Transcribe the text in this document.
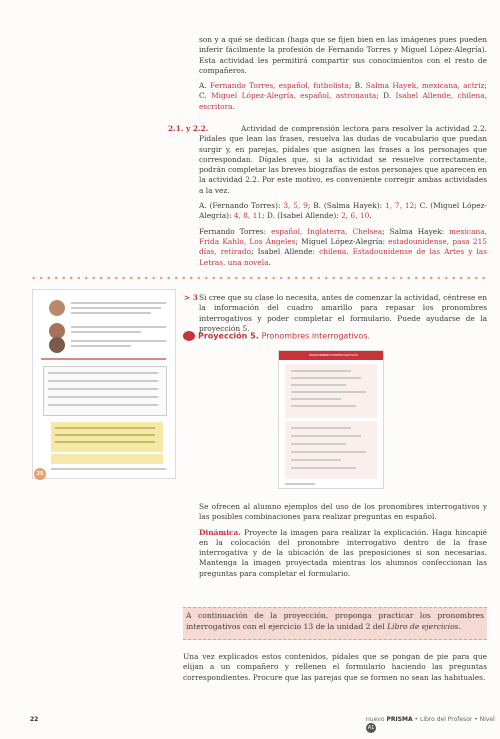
son y a qué se dedican (haga que se fijen bien en las imágenes pues pueden inferir fácilmente la profesión de Fernando Torres y Miguel López-Alegría). Esta actividad les permitirá compartir sus conocimientos con el resto de compañeros.
A. Fernando Torres, español, futbolista; B. Salma Hayek, mexicana, actriz; C. Miguel López-Alegría, español, astronauta; D. Isabel Allende, chilena, escritora.
2.1. y 2.2.	Actividad de comprensión lectora para resolver la actividad 2.2. Pidales que lean las frases, resuelva las dudas de vocabulario que puedan surgir y, en parejas, pídales que asignen las frases a los personajes que correspondan. Dígales que, si la actividad se resuelve correctamente, podrán completar las breves biografías de estos personajes que aparecen en la actividad 2.2. Por este motivo, es conveniente corregir ambas actividades a la vez.
A. (Fernando Torres): 3, 5, 9; B. (Salma Hayek): 1, 7, 12; C. (Miguel López-Alegría): 4, 8, 11; D. (Isabel Allende): 2, 6, 10.
Fernando Torres: español, Inglaterra, Chelsea; Salma Hayek: mexicana, Frida Kahlo, Los Ángeles; Miguel López-Alegría: estadounidense, pasa 215 días, retirado; Isabel Allende: chilena, Estadounidense de las Artes y las Letras, una novela.
25
> 3 Si cree que su clase lo necesita, antes de comenzar la actividad, céntrese en la información del cuadro amarillo para repasar los pronombres interrogativos y poder completar el formulario. Puede ayudarse de la proyección 5.
Proyección 5. Pronombres interrogativos.
PRONOMBRES INTERROGATIVOS
Se ofrecen al alumno ejemplos del uso de los pronombres interrogativos y las posibles combinaciones para realizar preguntas en español.
Dinámica. Proyecte la imagen para realizar la explicación. Haga hincapié en la colocación del pronombre interrogativo dentro de la frase interrogativa y de la ubicación de las preposiciones si son necesarias. Mantenga la imagen proyectada mientras los alumnos confeccionan las preguntas para completar el formulario.
A continuación de la proyección, proponga practicar los pronombres interrogativos con el ejercicio 13 de la unidad 2 del Libro de ejercicios.
Una vez explicados estos contenidos, pídales que se pongan de pie para que elijan a un compañero y rellenen el formulario haciendo las preguntas correspondientes. Procure que las parejas que se formen no sean las habituales.
22	nuevo PRISMA • Libro del Profesor • Nivel A1
